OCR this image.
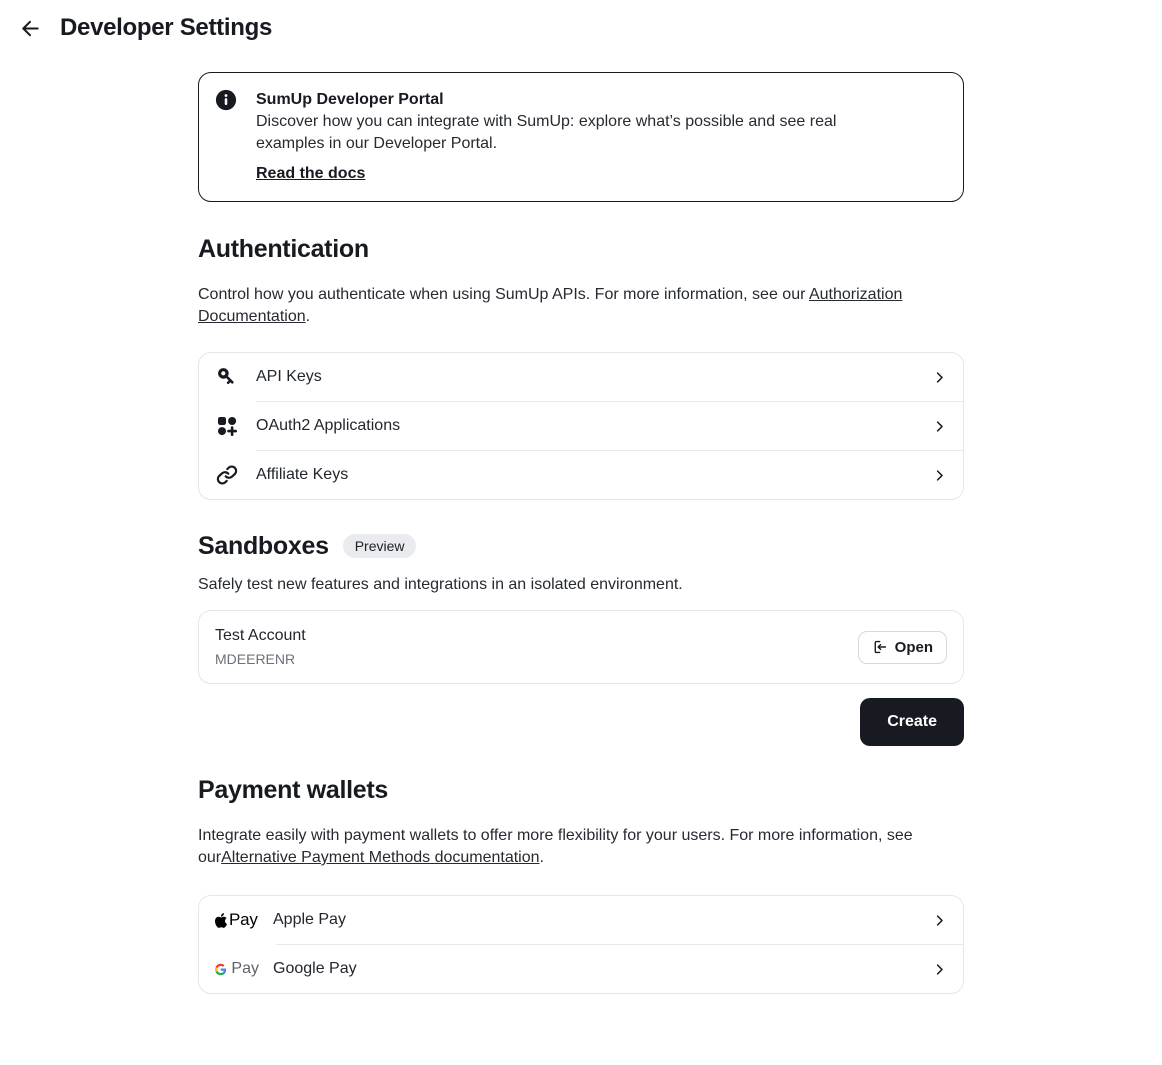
Developer Settings
SumUp Developer Portal

Discover how you can integrate with SumUp: explore what’s possible and see real examples in our Developer Portal.

Read the docs
Authentication

Control how you authenticate when using SumUp APIs. For more information, see our Authorization Documentation.

API Keys
OAuth2 Applications
Affiliate Keys
Sandboxes	Preview

Safely test new features and integrations in an isolated environment.

Test Account
MDEERENR
Open
Create
Payment wallets

Integrate easily with payment wallets to offer more flexibility for your users. For more information, see ourAlternative Payment Methods documentation.

Pay Apple Pay
Pay Google Pay
